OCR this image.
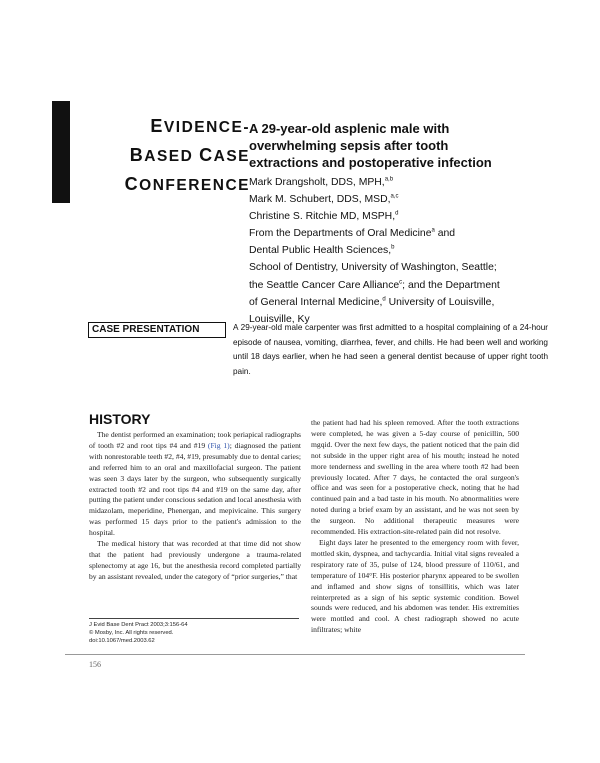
EVIDENCE-
BASED CASE
CONFERENCE
A 29-year-old asplenic male with
overwhelming sepsis after tooth
extractions and postoperative infection
Mark Drangsholt, DDS, MPH,$^{a,b}$
Mark M. Schubert, DDS, MSD,$^{a,c}$
Christine S. Ritchie MD, MSPH,$^d$
From the Departments of Oral Medicine$^a$ and
Dental Public Health Sciences,$^b$
School of Dentistry, University of Washington, Seattle;
the Seattle Cancer Care Alliance$^c$; and the Department
of General Internal Medicine,$^d$ University of Louisville,
Louisville, Ky
CASE PRESENTATION	A 29-year-old male carpenter was first admitted to a hospital complaining of a 24-hour episode of nausea, vomiting, diarrhea, fever, and chills. He had been well and working until 18 days earlier, when he had seen a general dentist because of upper right tooth pain.
HISTORY

The dentist performed an examination; took periapical radiographs of tooth #2 and root tips #4 and #19 (Fig 1); diagnosed the patient with nonrestorable teeth #2, #4, #19, presumably due to dental caries; and referred him to an oral and maxillofacial surgeon. The patient was seen 3 days later by the surgeon, who subsequently surgically extracted tooth #2 and root tips #4 and #19 on the same day, after putting the patient under conscious sedation and local anesthesia with midazolam, meperidine, Phenergan, and mepivicaine. This surgery was performed 15 days prior to the patient's admission to the hospital.

The medical history that was recorded at that time did not show that the patient had previously undergone a trauma-related splenectomy at age 16, but the anesthesia record completed partially by an assistant revealed, under the category of “prior surgeries,” that

the patient had had his spleen removed. After the tooth extractions were completed, he was given a 5-day course of penicillin, 500 mgqid. Over the next few days, the patient noticed that the pain did not subside in the upper right area of his mouth; instead he noted more tenderness and swelling in the area where tooth #2 had been previously located. After 7 days, he contacted the oral surgeon's office and was seen for a postoperative check, noting that he had continued pain and a bad taste in his mouth. No abnormalities were noted during a brief exam by an assistant, and he was not seen by the surgeon. No additional therapeutic measures were recommended. His extraction-site-related pain did not resolve.

Eight days later he presented to the emergency room with fever, mottled skin, dyspnea, and tachycardia. Initial vital signs revealed a respiratory rate of 35, pulse of 124, blood pressure of 110/61, and temperature of 104°F. His posterior pharynx appeared to be swollen and inflamed and show signs of tonsillitis, which was later reinterpreted as a sign of his septic systemic condition. Bowel sounds were reduced, and his abdomen was tender. His extremities were mottled and cool. A chest radiograph showed no acute infiltrates; white

J Evid Base Dent Pract 2003;3:156-64
© Mosby, Inc. All rights reserved.
doi:10.1067/med.2003.62
156
